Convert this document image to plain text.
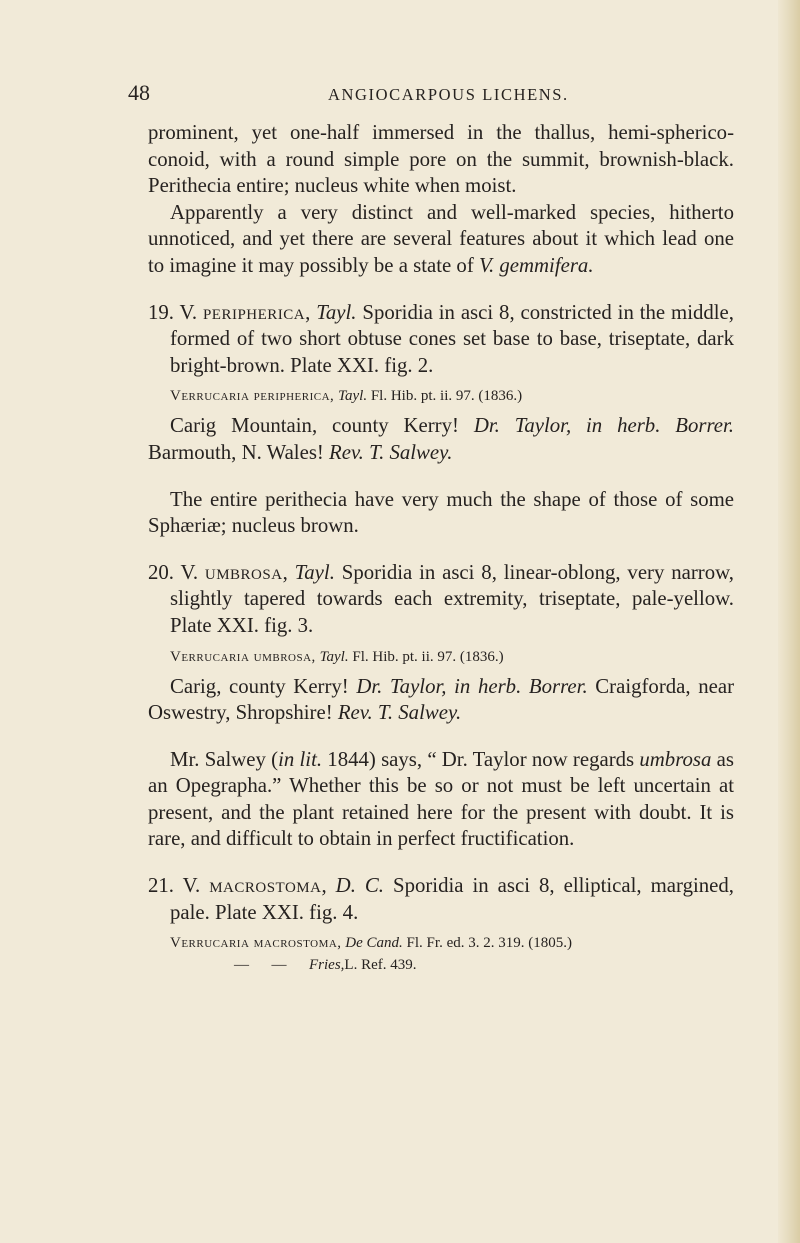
48	ANGIOCARPOUS LICHENS.

prominent, yet one-half immersed in the thallus, hemi-spherico-conoid, with a round simple pore on the summit, brownish-black. Perithecia entire; nucleus white when moist.

Apparently a very distinct and well-marked species, hitherto unnoticed, and yet there are several features about it which lead one to imagine it may possibly be a state of V. gemmifera.

19. V. peripherica, Tayl. Sporidia in asci 8, constricted in the middle, formed of two short obtuse cones set base to base, triseptate, dark bright-brown. Plate XXI. fig. 2.

Verrucaria peripherica, Tayl. Fl. Hib. pt. ii. 97. (1836.)

Carig Mountain, county Kerry! Dr. Taylor, in herb. Borrer. Barmouth, N. Wales! Rev. T. Salwey.

The entire perithecia have very much the shape of those of some Sphæriæ; nucleus brown.

20. V. umbrosa, Tayl. Sporidia in asci 8, linear-oblong, very narrow, slightly tapered towards each extremity, triseptate, pale-yellow. Plate XXI. fig. 3.

Verrucaria umbrosa, Tayl. Fl. Hib. pt. ii. 97. (1836.)

Carig, county Kerry! Dr. Taylor, in herb. Borrer. Craigforda, near Oswestry, Shropshire! Rev. T. Salwey.

Mr. Salwey (in lit. 1844) says, “ Dr. Taylor now regards umbrosa as an Opegrapha.” Whether this be so or not must be left uncertain at present, and the plant retained here for the present with doubt. It is rare, and difficult to obtain in perfect fructification.

21. V. macrostoma, D. C. Sporidia in asci 8, elliptical, margined, pale. Plate XXI. fig. 4.

Verrucaria macrostoma, De Cand. Fl. Fr. ed. 3. 2. 319. (1805.)

— — Fries,L. Ref. 439.
